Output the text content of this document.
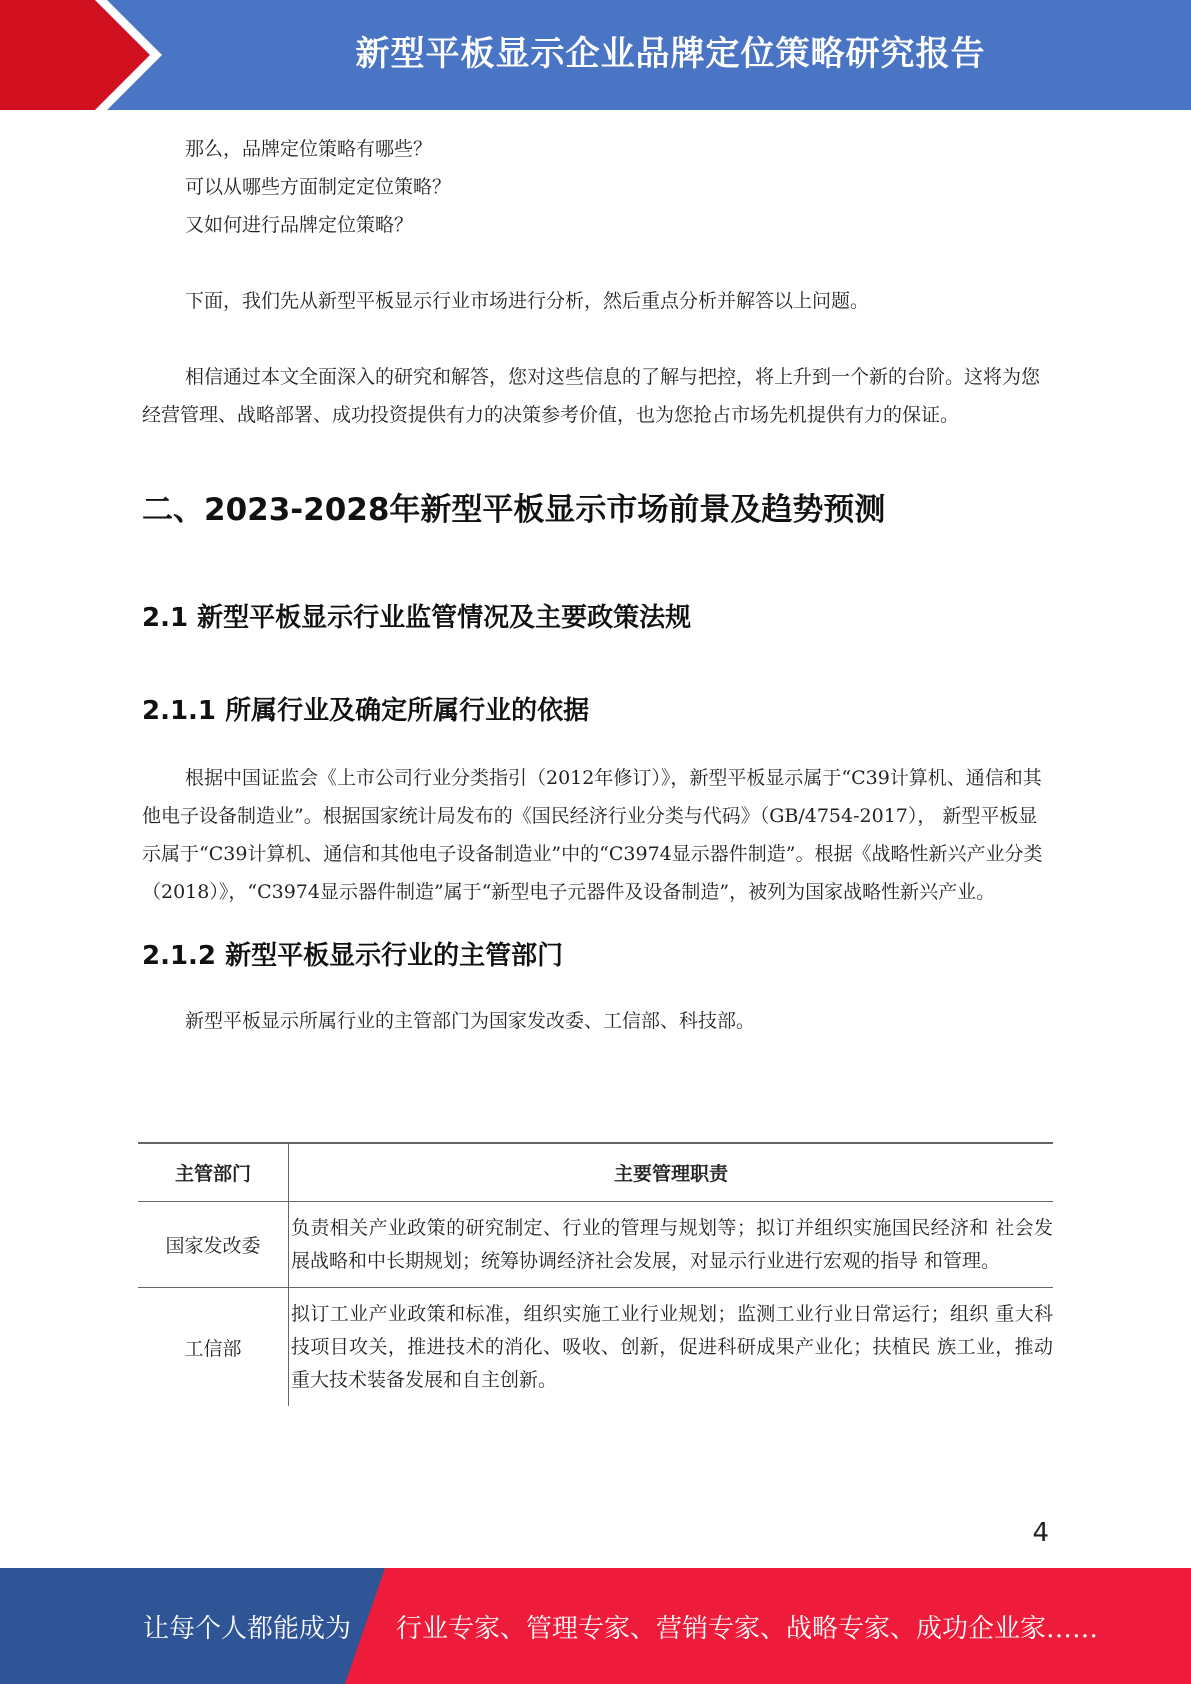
新型平板显示企业品牌定位策略研究报告

那么，品牌定位策略有哪些？

可以从哪些方面制定定位策略？

又如何进行品牌定位策略？

下面，我们先从新型平板显示行业市场进行分析，然后重点分析并解答以上问题。

相信通过本文全面深入的研究和解答，您对这些信息的了解与把控，将上升到一个新的台阶。这将为您经营管理、战略部署、成功投资提供有力的决策参考价值，也为您抢占市场先机提供有力的保证。

二、2023-2028年新型平板显示市场前景及趋势预测
2.1 新型平板显示行业监管情况及主要政策法规
2.1.1 所属行业及确定所属行业的依据

根据中国证监会《上市公司行业分类指引（2012年修订）》，新型平板显示属于“C39计算机、通信和其他电子设备制造业”。根据国家统计局发布的《国民经济行业分类与代码》（GB/4754-2017）， 新型平板显示属于“C39计算机、通信和其他电子设备制造业”中的“C3974显示器件制造”。根据《战略性新兴产业分类（2018）》，“C3974显示器件制造”属于“新型电子元器件及设备制造”，被列为国家战略性新兴产业。

2.1.2 新型平板显示行业的主管部门

新型平板显示所属行业的主管部门为国家发改委、工信部、科技部。

主管部门	主要管理职责
国家发改委	负责相关产业政策的研究制定、行业的管理与规划等；拟订并组织实施国民经济和 社会发展战略和中长期规划；统筹协调经济社会发展，对显示行业进行宏观的指导 和管理。
工信部	拟订工业产业政策和标准，组织实施工业行业规划；监测工业行业日常运行；组织 重大科技项目攻关，推进技术的消化、吸收、创新，促进科研成果产业化；扶植民 族工业，推动重大技术装备发展和自主创新。
4
让每个人都能成为 行业专家、管理专家、营销专家、战略专家、成功企业家……
